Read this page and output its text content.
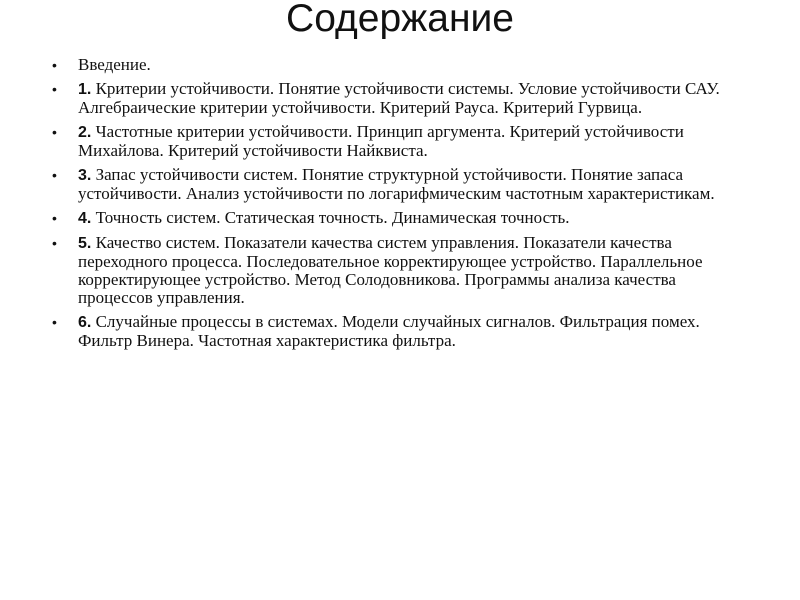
Содержание
• Введение.
• 1. Критерии устойчивости. Понятие устойчивости системы. Условие устойчивости САУ. Алгебраические критерии устойчивости. Критерий Рауса. Критерий Гурвица.
• 2. Частотные критерии устойчивости. Принцип аргумента. Критерий устойчивости Михайлова. Критерий устойчивости Найквиста.
• 3. Запас устойчивости систем. Понятие структурной устойчивости. Понятие запаса устойчивости. Анализ устойчивости по логарифмическим частотным характеристикам.
• 4. Точность систем. Статическая точность. Динамическая точность.
• 5. Качество систем. Показатели качества систем управления. Показатели качества переходного процесса. Последовательное корректирующее устройство. Параллельное корректирующее устройство. Метод Солодовникова. Программы анализа качества процессов управления.
• 6. Случайные процессы в системах. Модели случайных сигналов. Фильтрация помех. Фильтр Винера. Частотная характеристика фильтра.
